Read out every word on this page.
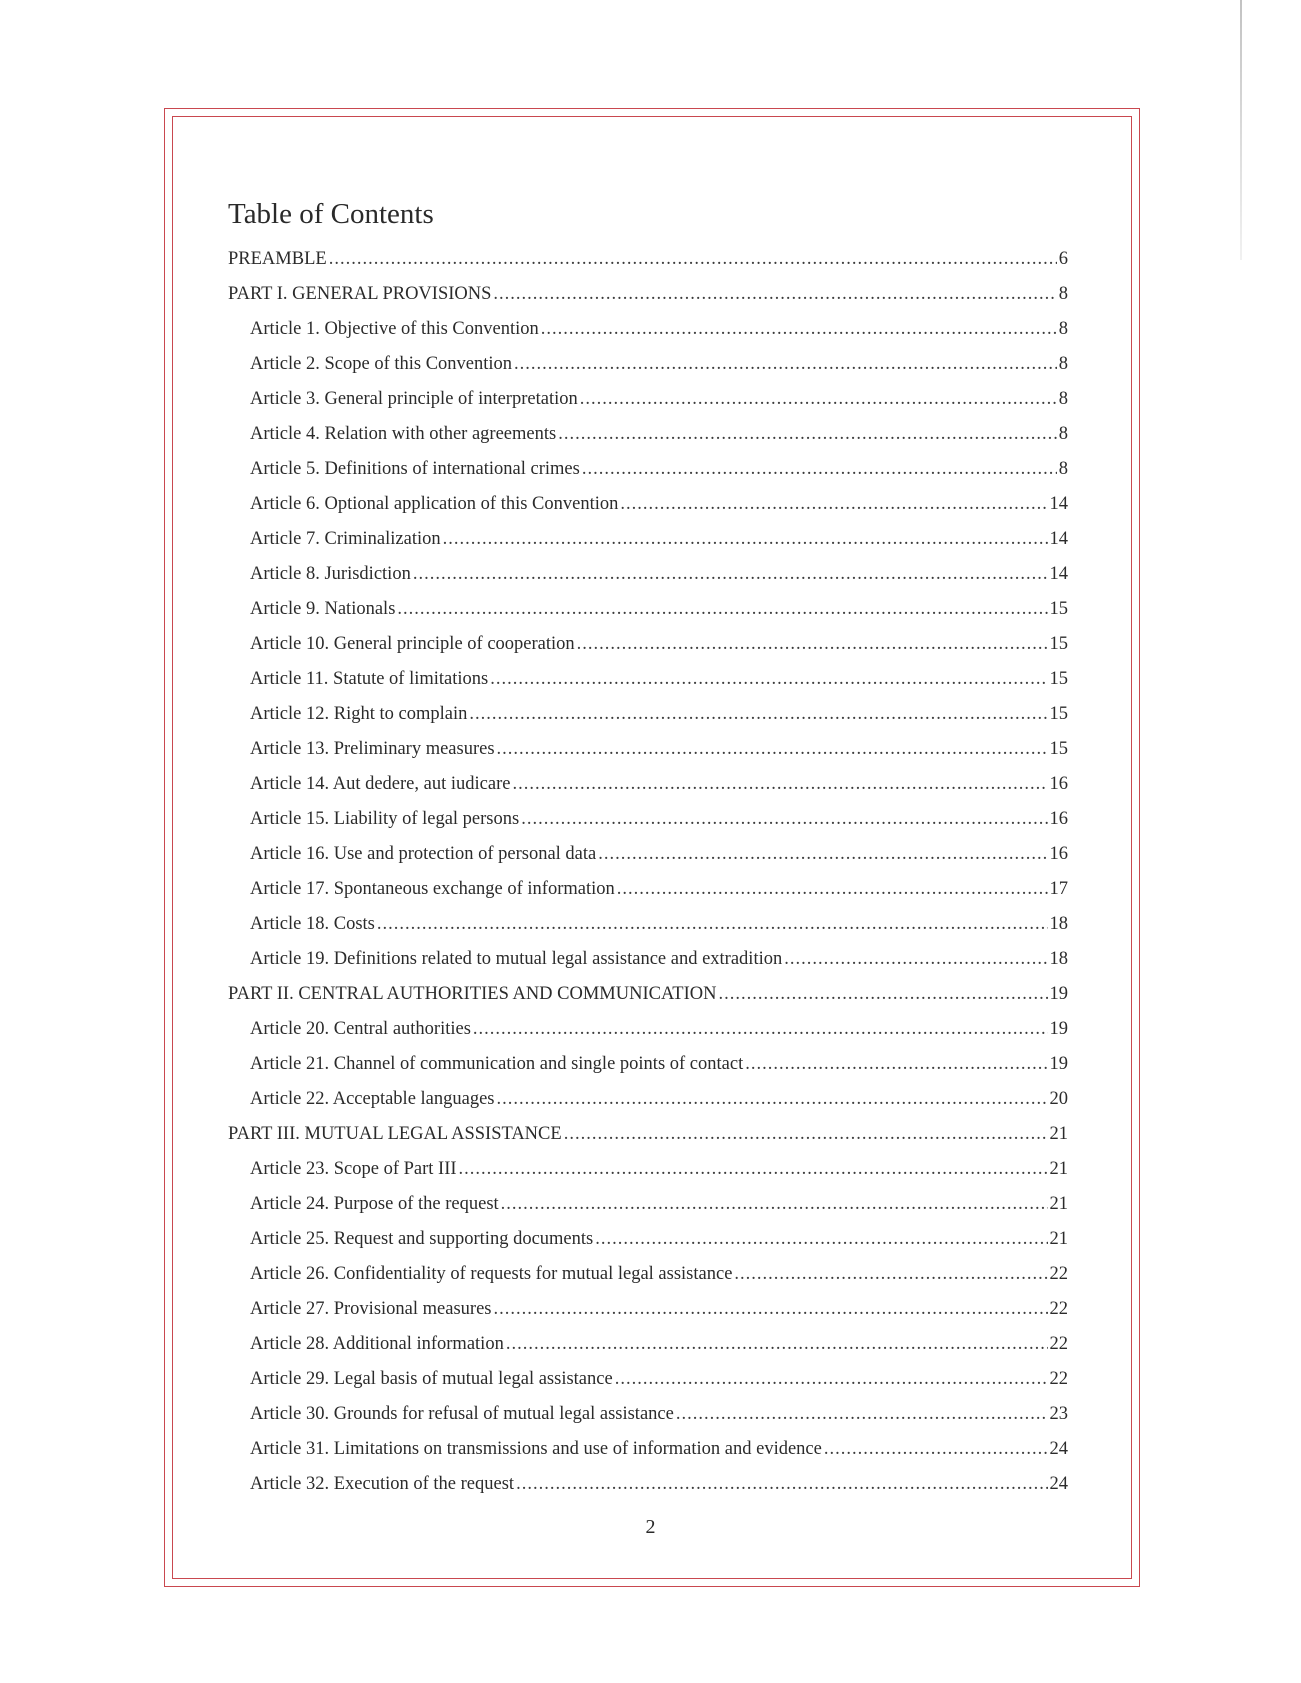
Table of Contents
PREAMBLE .....	6
PART I. GENERAL PROVISIONS .....	8
Article 1. Objective of this Convention .....	8
Article 2. Scope of this Convention .....	8
Article 3. General principle of interpretation .....	8
Article 4. Relation with other agreements .....	8
Article 5. Definitions of international crimes .....	8
Article 6. Optional application of this Convention .....	14
Article 7. Criminalization .....	14
Article 8. Jurisdiction .....	14
Article 9. Nationals .....	15
Article 10. General principle of cooperation .....	15
Article 11. Statute of limitations .....	15
Article 12. Right to complain .....	15
Article 13. Preliminary measures .....	15
Article 14. Aut dedere, aut iudicare .....	16
Article 15. Liability of legal persons .....	16
Article 16. Use and protection of personal data .....	16
Article 17. Spontaneous exchange of information .....	17
Article 18. Costs .....	18
Article 19. Definitions related to mutual legal assistance and extradition .....	18
PART II. CENTRAL AUTHORITIES AND COMMUNICATION .....	19
Article 20. Central authorities .....	19
Article 21. Channel of communication and single points of contact .....	19
Article 22. Acceptable languages .....	20
PART III. MUTUAL LEGAL ASSISTANCE .....	21
Article 23. Scope of Part III .....	21
Article 24. Purpose of the request .....	21
Article 25. Request and supporting documents .....	21
Article 26. Confidentiality of requests for mutual legal assistance .....	22
Article 27. Provisional measures .....	22
Article 28. Additional information .....	22
Article 29. Legal basis of mutual legal assistance .....	22
Article 30. Grounds for refusal of mutual legal assistance .....	23
Article 31. Limitations on transmissions and use of information and evidence .....	24
Article 32. Execution of the request .....	24
2
